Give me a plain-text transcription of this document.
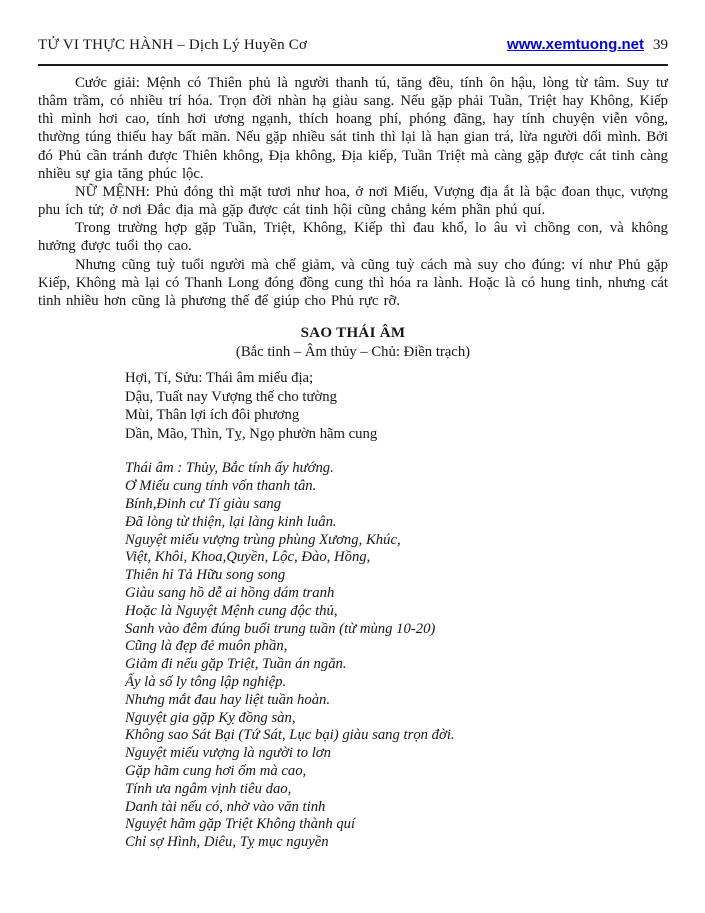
TỬ VI THỰC HÀNH – Dịch Lý Huyền Cơ	www.xemtuong.net 39

Cước giải: Mệnh có Thiên phủ là người thanh tú, tăng đều, tính ôn hậu, lòng từ tâm. Suy tư thâm trầm, có nhiều trí hóa. Trọn đời nhàn hạ giàu sang. Nếu gặp phải Tuần, Triệt hay Không, Kiếp thì mình hơi cao, tính hơi ương ngạnh, thích hoang phí, phóng đãng, hay tính chuyện viễn vông, thường túng thiếu hay bất mãn. Nếu gặp nhiều sát tinh thì lại là hạn gian trá, lừa người dối mình. Bởi đó Phủ cần tránh được Thiên không, Địa không, Địa kiếp, Tuần Triệt mà càng gặp được cát tinh càng nhiều sự gia tăng phúc lộc.

NỮ MỆNH: Phủ đóng thì mặt tươi như hoa, ở nơi Miếu, Vượng địa ắt là bậc đoan thục, vượng phu ích tử; ở nơi Đắc địa mà gặp được cát tinh hội cũng chẳng kém phần phú quí.

Trong trường hợp gặp Tuần, Triệt, Không, Kiếp thì đau khổ, lo âu vì chồng con, và không hưởng được tuổi thọ cao.

Nhưng cũng tuỳ tuổi người mà chế giảm, và cũng tuỳ cách mà suy cho đúng: ví như Phủ gặp Kiếp, Không mà lại có Thanh Long đóng đồng cung thì hóa ra lành. Hoặc là có hung tinh, nhưng cát tinh nhiều hơn cũng là phương thế để giúp cho Phủ rực rỡ.

SAO THÁI ÂM
(Bắc tinh – Âm thủy – Chủ: Điền trạch)
Hợi, Tí, Sửu: Thái âm miếu địa;
Dậu, Tuất nay Vượng thế cho tường
Mùi, Thân lợi ích đôi phương
Dần, Mão, Thìn, Tỵ, Ngọ phườn hãm cung
Thái âm : Thủy, Bắc tính ấy hướng.
Ơ Miếu cung tính vốn thanh tân.
Bính,Đinh cư Tí giàu sang
Đã lòng từ thiện, lại làng kinh luân.
Nguyệt miếu vượng trùng phùng Xương, Khúc,
Việt, Khôi, Khoa,Quyền, Lộc, Đào, Hồng,
Thiên hỉ Tả Hữu song song
Giàu sang hồ dễ ai hồng dám tranh
Hoặc là Nguyệt Mệnh cung độc thủ,
Sanh vào đêm đúng buổi trung tuần (từ mùng 10-20)
Cũng là đẹp đẻ muôn phần,
Giảm đi nếu gặp Triệt, Tuần án ngăn.
Ấy là số ly tông lập nghiệp.
Nhưng mắt đau hay liệt tuần hoàn.
Nguyệt gia gặp Kỵ đồng sàn,
Không sao Sát Bại (Tứ Sát, Lục bại) giàu sang trọn đời.
Nguyệt miếu vượng là người to lơn
Gặp hãm cung hơi ốm mà cao,
Tính ưa ngâm vịnh tiêu dao,
Danh tài nếu có, nhờ vào văn tinh
Nguyệt hãm gặp Triệt Không thành quí
Chỉ sợ Hình, Diêu, Tỵ mục nguyền
